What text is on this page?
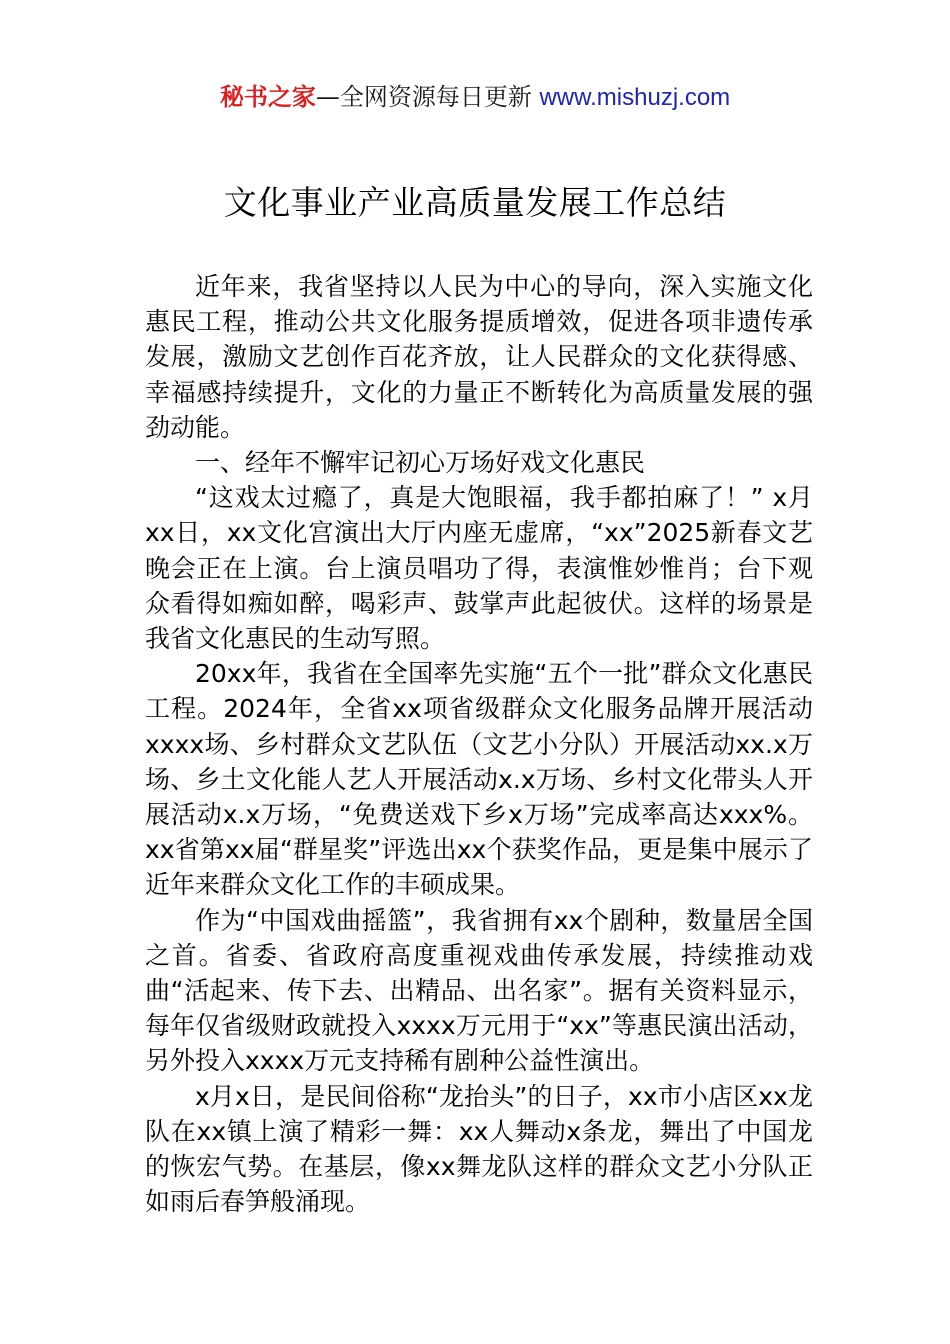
秘书之家—全网资源每日更新 www.mishuzj.com
文化事业产业高质量发展工作总结

近年来，我省坚持以人民为中心的导向，深入实施文化惠民工程，推动公共文化服务提质增效，促进各项非遗传承发展，激励文艺创作百花齐放，让人民群众的文化获得感、幸福感持续提升，文化的力量正不断转化为高质量发展的强劲动能。

一、经年不懈牢记初心万场好戏文化惠民

“这戏太过瘾了，真是大饱眼福，我手都拍麻了！” x月xx日，xx文化宫演出大厅内座无虚席，“xx”2025新春文艺晚会正在上演。台上演员唱功了得，表演惟妙惟肖；台下观众看得如痴如醉，喝彩声、鼓掌声此起彼伏。这样的场景是我省文化惠民的生动写照。

20xx年，我省在全国率先实施“五个一批”群众文化惠民工程。2024年，全省xx项省级群众文化服务品牌开展活动xxxx场、乡村群众文艺队伍（文艺小分队）开展活动xx.x万场、乡土文化能人艺人开展活动x.x万场、乡村文化带头人开展活动x.x万场，“免费送戏下乡x万场”完成率高达xxx%。xx省第xx届“群星奖”评选出xx个获奖作品，更是集中展示了近年来群众文化工作的丰硕成果。

作为“中国戏曲摇篮”，我省拥有xx个剧种，数量居全国之首。省委、省政府高度重视戏曲传承发展，持续推动戏曲“活起来、传下去、出精品、出名家”。据有关资料显示，每年仅省级财政就投入xxxx万元用于“xx”等惠民演出活动，另外投入xxxx万元支持稀有剧种公益性演出。

x月x日，是民间俗称“龙抬头”的日子，xx市小店区xx龙队在xx镇上演了精彩一舞：xx人舞动x条龙，舞出了中国龙的恢宏气势。在基层，像xx舞龙队这样的群众文艺小分队正如雨后春笋般涌现。
